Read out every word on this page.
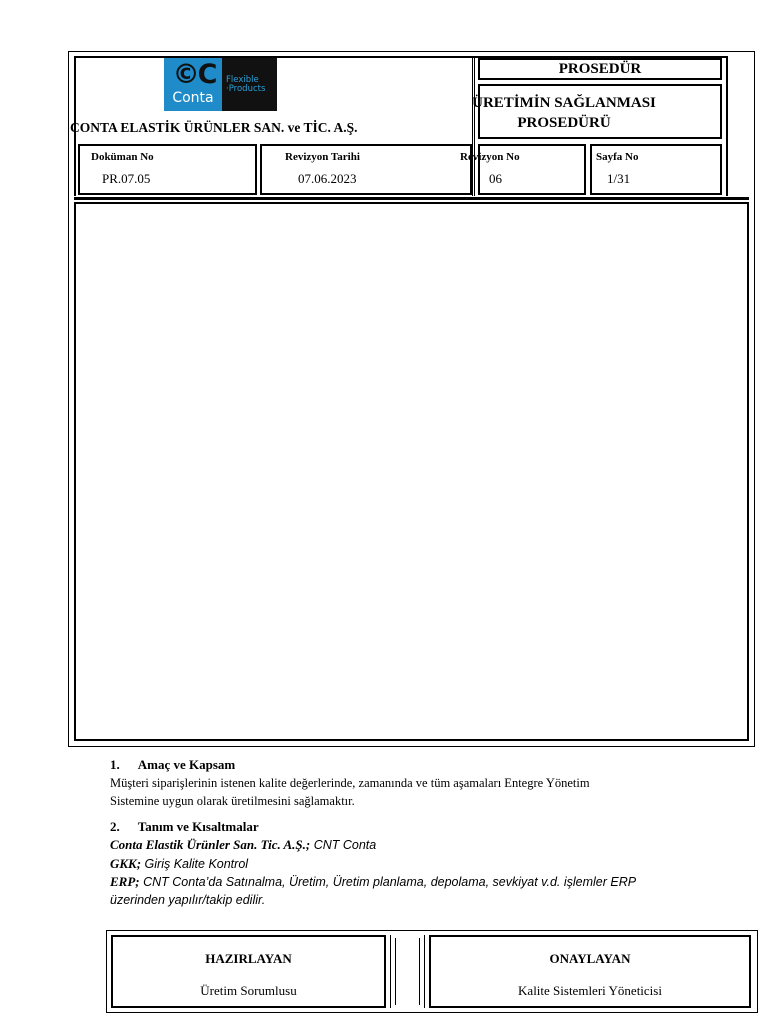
©C
Conta
Flexible
·Products
CONTA ELASTİK ÜRÜNLER SAN. ve TİC. A.Ş.
PROSEDÜR
ÜRETİMİN SAĞLANMASI
PROSEDÜRÜ
Doküman No
PR.07.05
Revizyon Tarihi
07.06.2023
Revizyon No
06
Sayfa No
1/31
1. Amaç ve Kapsam
Müşteri siparişlerinin istenen kalite değerlerinde, zamanında ve tüm aşamaları Entegre Yönetim
Sistemine uygun olarak üretilmesini sağlamaktır.
2. Tanım ve Kısaltmalar
Conta Elastik Ürünler San. Tic. A.Ş.; CNT Conta
GKK; Giriş Kalite Kontrol
ERP; CNT Conta’da Satınalma, Üretim, Üretim planlama, depolama, sevkiyat v.d. işlemler ERP
üzerinden yapılır/takip edilir.
HAZIRLAYAN
Üretim Sorumlusu
ONAYLAYAN
Kalite Sistemleri Yöneticisi
